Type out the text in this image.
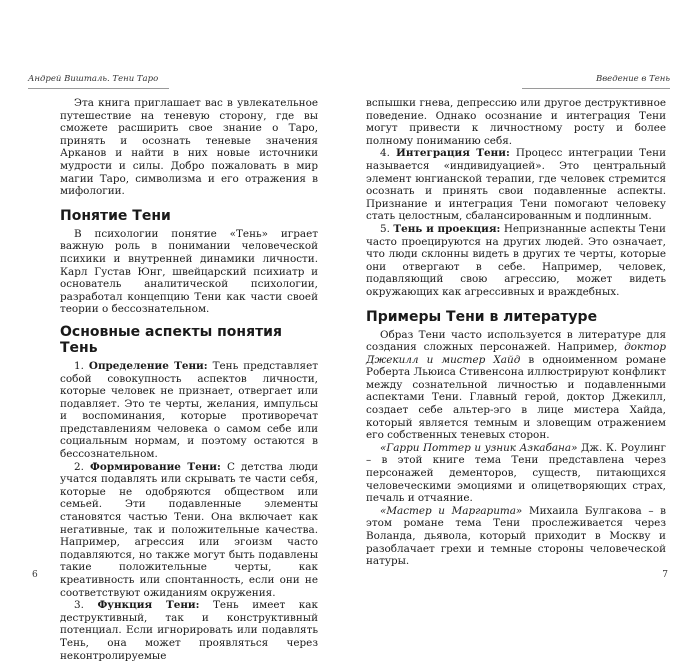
Андрей Вишталь. Тени Таро

Эта книга приглашает вас в увлекательное путешествие на теневую сторону, где вы сможете расширить свое знание о Таро, принять и осознать теневые значения Арканов и найти в них новые источники мудрости и силы. Добро пожаловать в мир магии Таро, символизма и его отражения в мифологии.

Понятие Тени

В психологии понятие «Тень» играет важную роль в понимании человеческой психики и внутренней динамики личности. Карл Густав Юнг, швейцарский психиатр и основатель аналитической психологии, разработал концепцию Тени как части своей теории о бессознательном.

Основные аспекты понятия Тень

1. Определение Тени: Тень представляет собой совокупность аспектов личности, которые человек не признает, отвергает или подавляет. Это те черты, желания, импульсы и воспоминания, которые противоречат представлениям человека о самом себе или социальным нормам, и поэтому остаются в бессознательном.

2. Формирование Тени: С детства люди учатся подавлять или скрывать те части себя, которые не одобряются обществом или семьей. Эти подавленные элементы становятся частью Тени. Она включает как негативные, так и положительные качества. Например, агрессия или эгоизм часто подавляются, но также могут быть подавлены такие положительные черты, как креативность или спонтанность, если они не соответствуют ожиданиям окружения.

3. Функция Тени: Тень имеет как деструктивный, так и конструктивный потенциал. Если игнорировать или подавлять Тень, она может проявляться через неконтролируемые

6
Введение в Тень

вспышки гнева, депрессию или другое деструктивное поведение. Однако осознание и интеграция Тени могут привести к личностному росту и более полному пониманию себя.

4. Интеграция Тени: Процесс интеграции Тени называется «индивидуацией». Это центральный элемент юнгианской терапии, где человек стремится осознать и принять свои подавленные аспекты. Признание и интеграция Тени помогают человеку стать целостным, сбалансированным и подлинным.

5. Тень и проекция: Непризнанные аспекты Тени часто проецируются на других людей. Это означает, что люди склонны видеть в других те черты, которые они отвергают в себе. Например, человек, подавляющий свою агрессию, может видеть окружающих как агрессивных и враждебных.

Примеры Тени в литературе

Образ Тени часто используется в литературе для создания сложных персонажей. Например, доктор Джекилл и мистер Хайд в одноименном романе Роберта Льюиса Стивенсона иллюстрируют конфликт между сознательной личностью и подавленными аспектами Тени. Главный герой, доктор Джекилл, создает себе альтер-эго в лице мистера Хайда, который является темным и зловещим отражением его собственных теневых сторон.

«Гарри Поттер и узник Азкабана» Дж. К. Роулинг – в этой книге тема Тени представлена через персонажей дементоров, существ, питающихся человеческими эмоциями и олицетворяющих страх, печаль и отчаяние.

«Мастер и Маргарита» Михаила Булгакова – в этом романе тема Тени прослеживается через Воланда, дьявола, который приходит в Москву и разоблачает грехи и темные стороны человеческой натуры.

7
